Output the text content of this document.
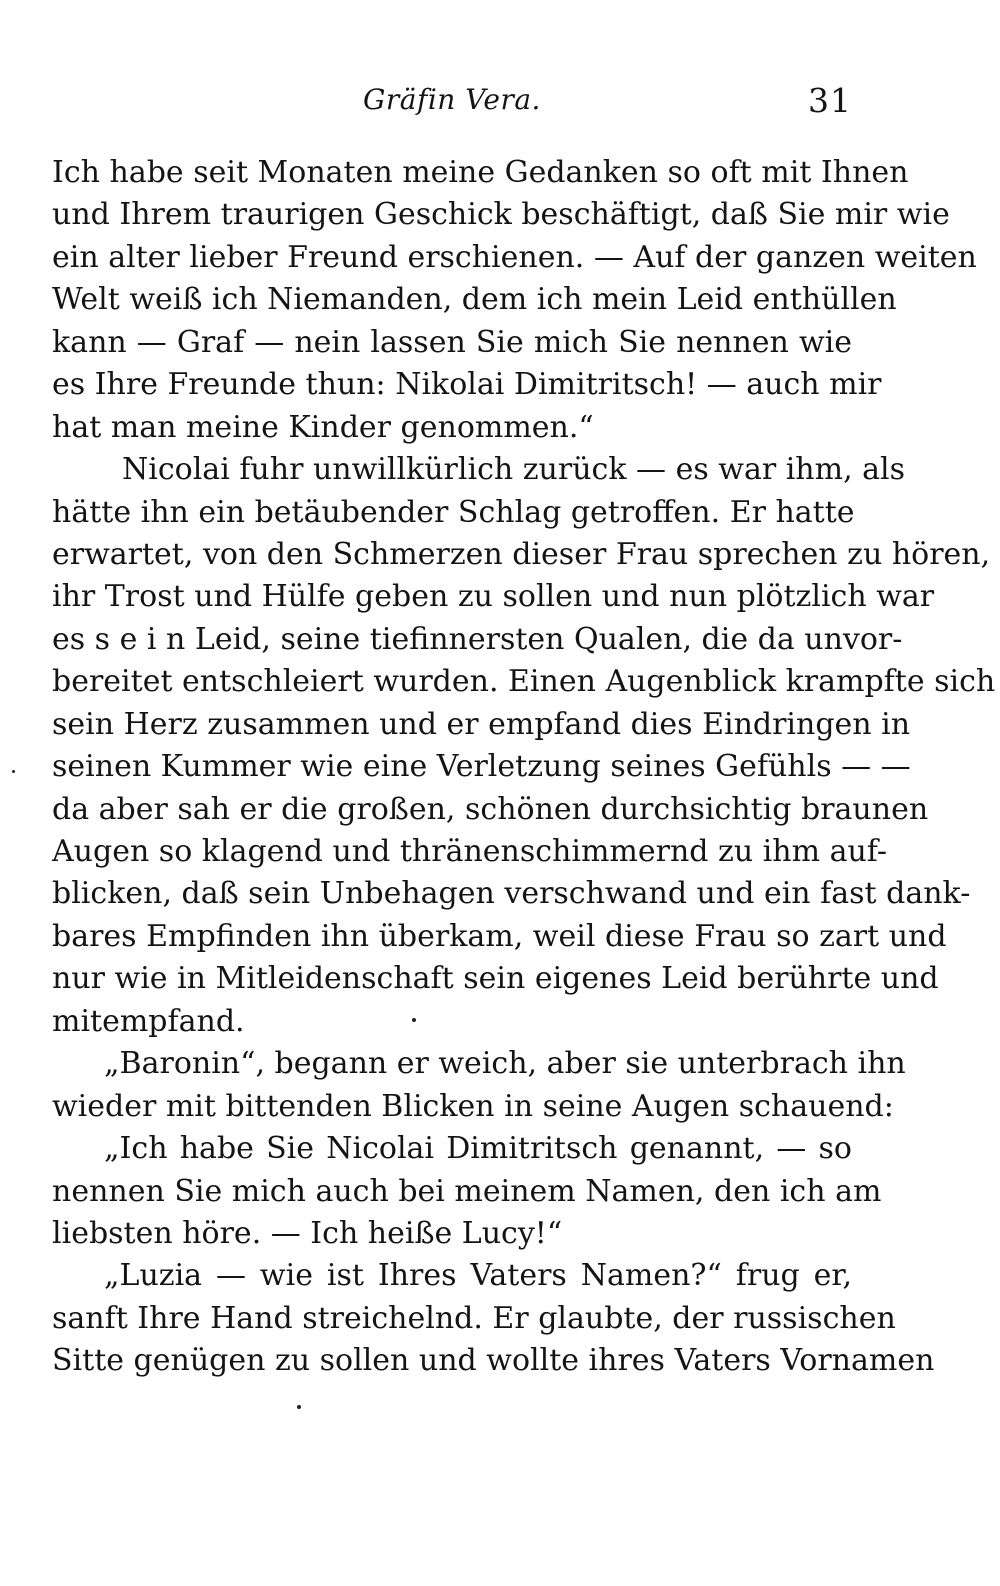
Gräfin Vera.	31
Ich habe seit Monaten meine Gedanken so oft mit Ihnen
und Ihrem traurigen Geschick beschäftigt, daß Sie mir wie
ein alter lieber Freund erschienen. — Auf der ganzen weiten
Welt weiß ich Niemanden, dem ich mein Leid enthüllen
kann — Graf — nein lassen Sie mich Sie nennen wie
es Ihre Freunde thun: Nikolai Dimitritsch! — auch mir
hat man meine Kinder genommen.“
Nicolai fuhr unwillkürlich zurück — es war ihm, als
hätte ihn ein betäubender Schlag getroffen. Er hatte
erwartet, von den Schmerzen dieser Frau sprechen zu hören,
ihr Trost und Hülfe geben zu sollen und nun plötzlich war
es s e i n Leid, seine tiefinnersten Qualen, die da unvor-
bereitet entschleiert wurden. Einen Augenblick krampfte sich
sein Herz zusammen und er empfand dies Eindringen in
seinen Kummer wie eine Verletzung seines Gefühls — —
da aber sah er die großen, schönen durchsichtig braunen
Augen so klagend und thränenschimmernd zu ihm auf-
blicken, daß sein Unbehagen verschwand und ein fast dank-
bares Empfinden ihn überkam, weil diese Frau so zart und
nur wie in Mitleidenschaft sein eigenes Leid berührte und
mitempfand.
„Baronin“, begann er weich, aber sie unterbrach ihn
wieder mit bittenden Blicken in seine Augen schauend:
„Ich habe Sie Nicolai Dimitritsch genannt, — so
nennen Sie mich auch bei meinem Namen, den ich am
liebsten höre. — Ich heiße Lucy!“
„Luzia — wie ist Ihres Vaters Namen?“ frug er,
sanft Ihre Hand streichelnd. Er glaubte, der russischen
Sitte genügen zu sollen und wollte ihres Vaters Vornamen
